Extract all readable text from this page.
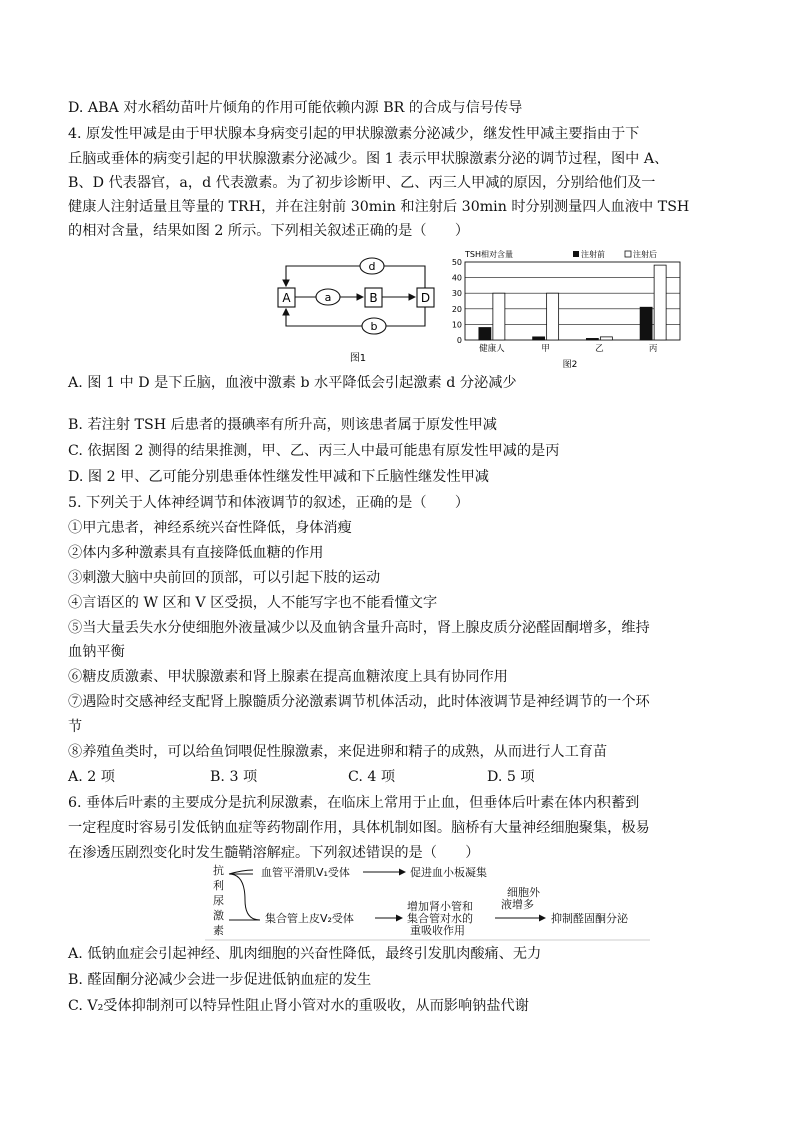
D. ABA 对水稻幼苗叶片倾角的作用可能依赖内源 BR 的合成与信号传导
4. 原发性甲减是由于甲状腺本身病变引起的甲状腺激素分泌减少，继发性甲减主要指由于下
丘脑或垂体的病变引起的甲状腺激素分泌减少。图 1 表示甲状腺激素分泌的调节过程，图中 A、
B、D 代表器官，a，d 代表激素。为了初步诊断甲、乙、丙三人甲减的原因，分别给他们及一
健康人注射适量且等量的 TRH，并在注射前 30min 和注射后 30min 时分别测量四人血液中 TSH
的相对含量，结果如图 2 所示。下列相关叙述正确的是（　　）
A	B	D
d
a
b
图1
TSH相对含量	注射前	注射后
0
10
20
30
40
50
健康人	甲	乙	丙
图2
A. 图 1 中 D 是下丘脑，血液中激素 b 水平降低会引起激素 d 分泌减少
B. 若注射 TSH 后患者的摄碘率有所升高，则该患者属于原发性甲减
C. 依据图 2 测得的结果推测，甲、乙、丙三人中最可能患有原发性甲减的是丙
D. 图 2 甲、乙可能分别患垂体性继发性甲减和下丘脑性继发性甲减
5. 下列关于人体神经调节和体液调节的叙述，正确的是（　　）
①甲亢患者，神经系统兴奋性降低，身体消瘦
②体内多种激素具有直接降低血糖的作用
③刺激大脑中央前回的顶部，可以引起下肢的运动
④言语区的 W 区和 V 区受损，人不能写字也不能看懂文字
⑤当大量丢失水分使细胞外液量减少以及血钠含量升高时，肾上腺皮质分泌醛固酮增多，维持
血钠平衡
⑥糖皮质激素、甲状腺激素和肾上腺素在提高血糖浓度上具有协同作用
⑦遇险时交感神经支配肾上腺髓质分泌激素调节机体活动，此时体液调节是神经调节的一个环
节
⑧养殖鱼类时，可以给鱼饲喂促性腺激素，来促进卵和精子的成熟，从而进行人工育苗
A. 2 项	B. 3 项	C. 4 项	D. 5 项
6. 垂体后叶素的主要成分是抗利尿激素，在临床上常用于止血，但垂体后叶素在体内积蓄到
一定程度时容易引发低钠血症等药物副作用，具体机制如图。脑桥有大量神经细胞聚集，极易
在渗透压剧烈变化时发生髓鞘溶解症。下列叙述错误的是（　　）
抗
利
尿
激
素
血管平滑肌V₁受体	促进血小板凝集
集合管上皮V₂受体
增加肾小管和
集合管对水的
重吸收作用
细胞外
液增多
抑制醛固酮分泌
A. 低钠血症会引起神经、肌肉细胞的兴奋性降低，最终引发肌肉酸痛、无力
B. 醛固酮分泌减少会进一步促进低钠血症的发生
C. V₂受体抑制剂可以特异性阻止肾小管对水的重吸收，从而影响钠盐代谢
